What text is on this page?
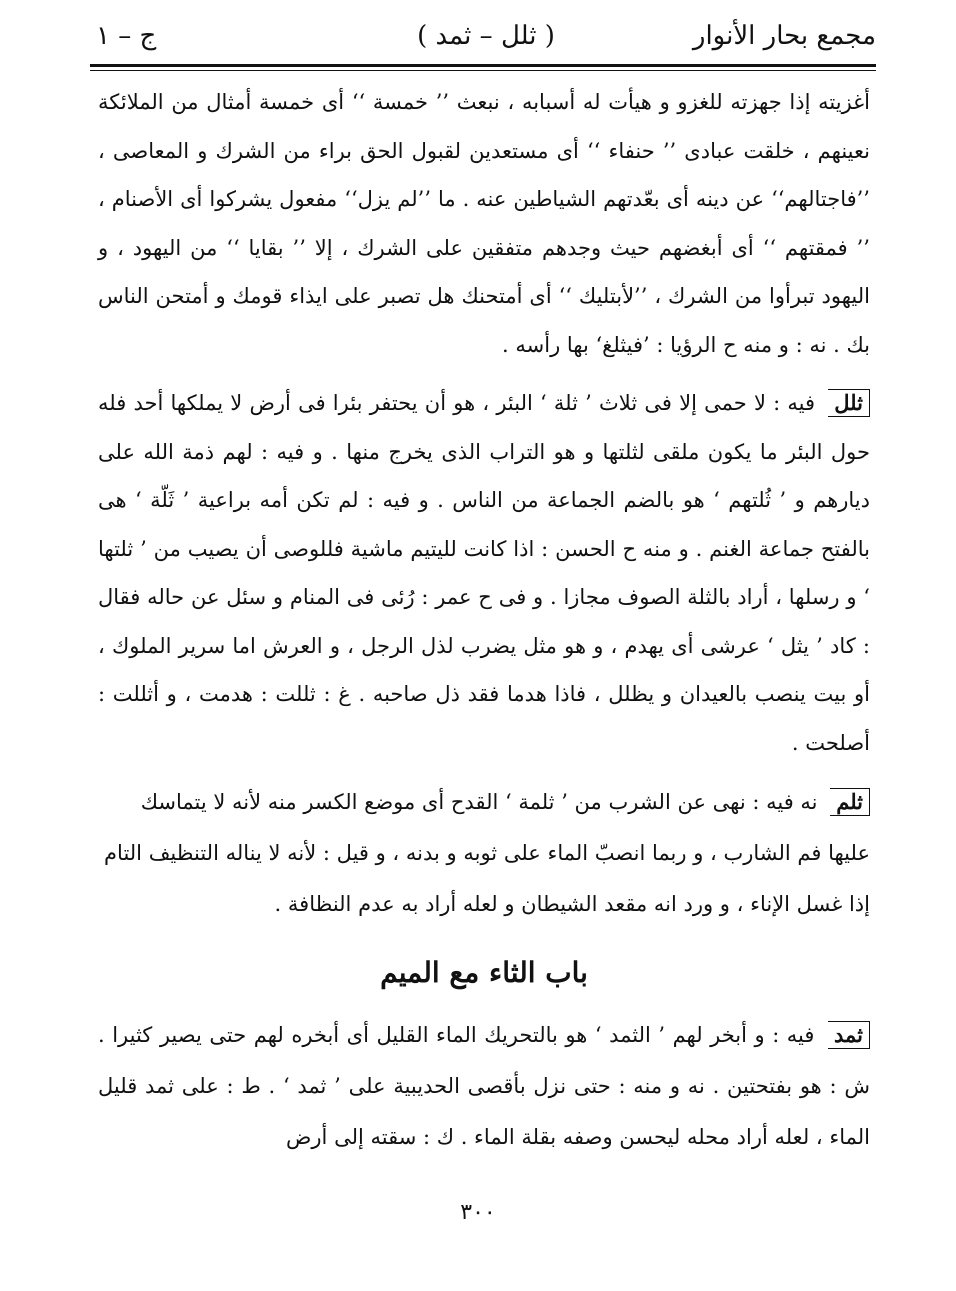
مجمع بحار الأنوار
( ثلل – ثمد )
ج – ١
أغزيته إذا جهزته للغزو و هيأت له أسبابه ، نبعث ’’ خمسة ‘‘ أى خمسة أمثال من الملائكة نعينهم ، خلقت عبادى ’’ حنفاء ‘‘ أى مستعدين لقبول الحق براء من الشرك و المعاصى ، ’’فاجتالهم‘‘ عن دينه أى بعّدتهم الشياطين عنه . ما ’’لم يزل‘‘ مفعول يشركوا أى الأصنام ، ’’ فمقتهم ‘‘ أى أبغضهم حيث وجدهم متفقين على الشرك ، إلا ’’ بقايا ‘‘ من اليهود ، و اليهود تبرأوا من الشرك ، ’’لأبتليك ‘‘ أى أمتحنك هل تصبر على ايذاء قومك و أمتحن الناس بك . نه : و منه ح الرؤيا : ’فيثلغ‘ بها رأسه .
ثلل فيه : لا حمى إلا فى ثلاث ’ ثلة ‘ البئر ، هو أن يحتفر بئرا فى أرض لا يملكها أحد فله حول البئر ما يكون ملقى لثلتها و هو التراب الذى يخرج منها . و فيه : لهم ذمة الله على ديارهم و ’ ثُلتهم ‘ هو بالضم الجماعة من الناس . و فيه : لم تكن أمه براعية ’ ثَلّة ‘ هى بالفتح جماعة الغنم . و منه ح الحسن : اذا كانت لليتيم ماشية فللوصى أن يصيب من ’ ثلتها ‘ و رسلها ، أراد بالثلة الصوف مجازا . و فى ح عمر : رُئى فى المنام و سئل عن حاله فقال : كاد ’ يثل ‘ عرشى أى يهدم ، و هو مثل يضرب لذل الرجل ، و العرش اما سرير الملوك ، أو بيت ينصب بالعيدان و يظلل ، فاذا هدما فقد ذل صاحبه . غ : ثللت : هدمت ، و أثللت : أصلحت .
ثلم نه فيه : نهى عن الشرب من ’ ثلمة ‘ القدح أى موضع الكسر منه لأنه لا يتماسك عليها فم الشارب ، و ربما انصبّ الماء على ثوبه و بدنه ، و قيل : لأنه لا يناله التنظيف التام إذا غسل الإناء ، و ورد انه مقعد الشيطان و لعله أراد به عدم النظافة .
باب الثاء مع الميم
ثمد فيه : و أبخر لهم ’ الثمد ‘ هو بالتحريك الماء القليل أى أبخره لهم حتى يصير كثيرا . ش : هو بفتحتين . نه و منه : حتى نزل بأقصى الحديبية على ’ ثمد ‘ . ط : على ثمد قليل الماء ، لعله أراد محله ليحسن وصفه بقلة الماء . ك : سقته إلى أرض
٣٠٠
